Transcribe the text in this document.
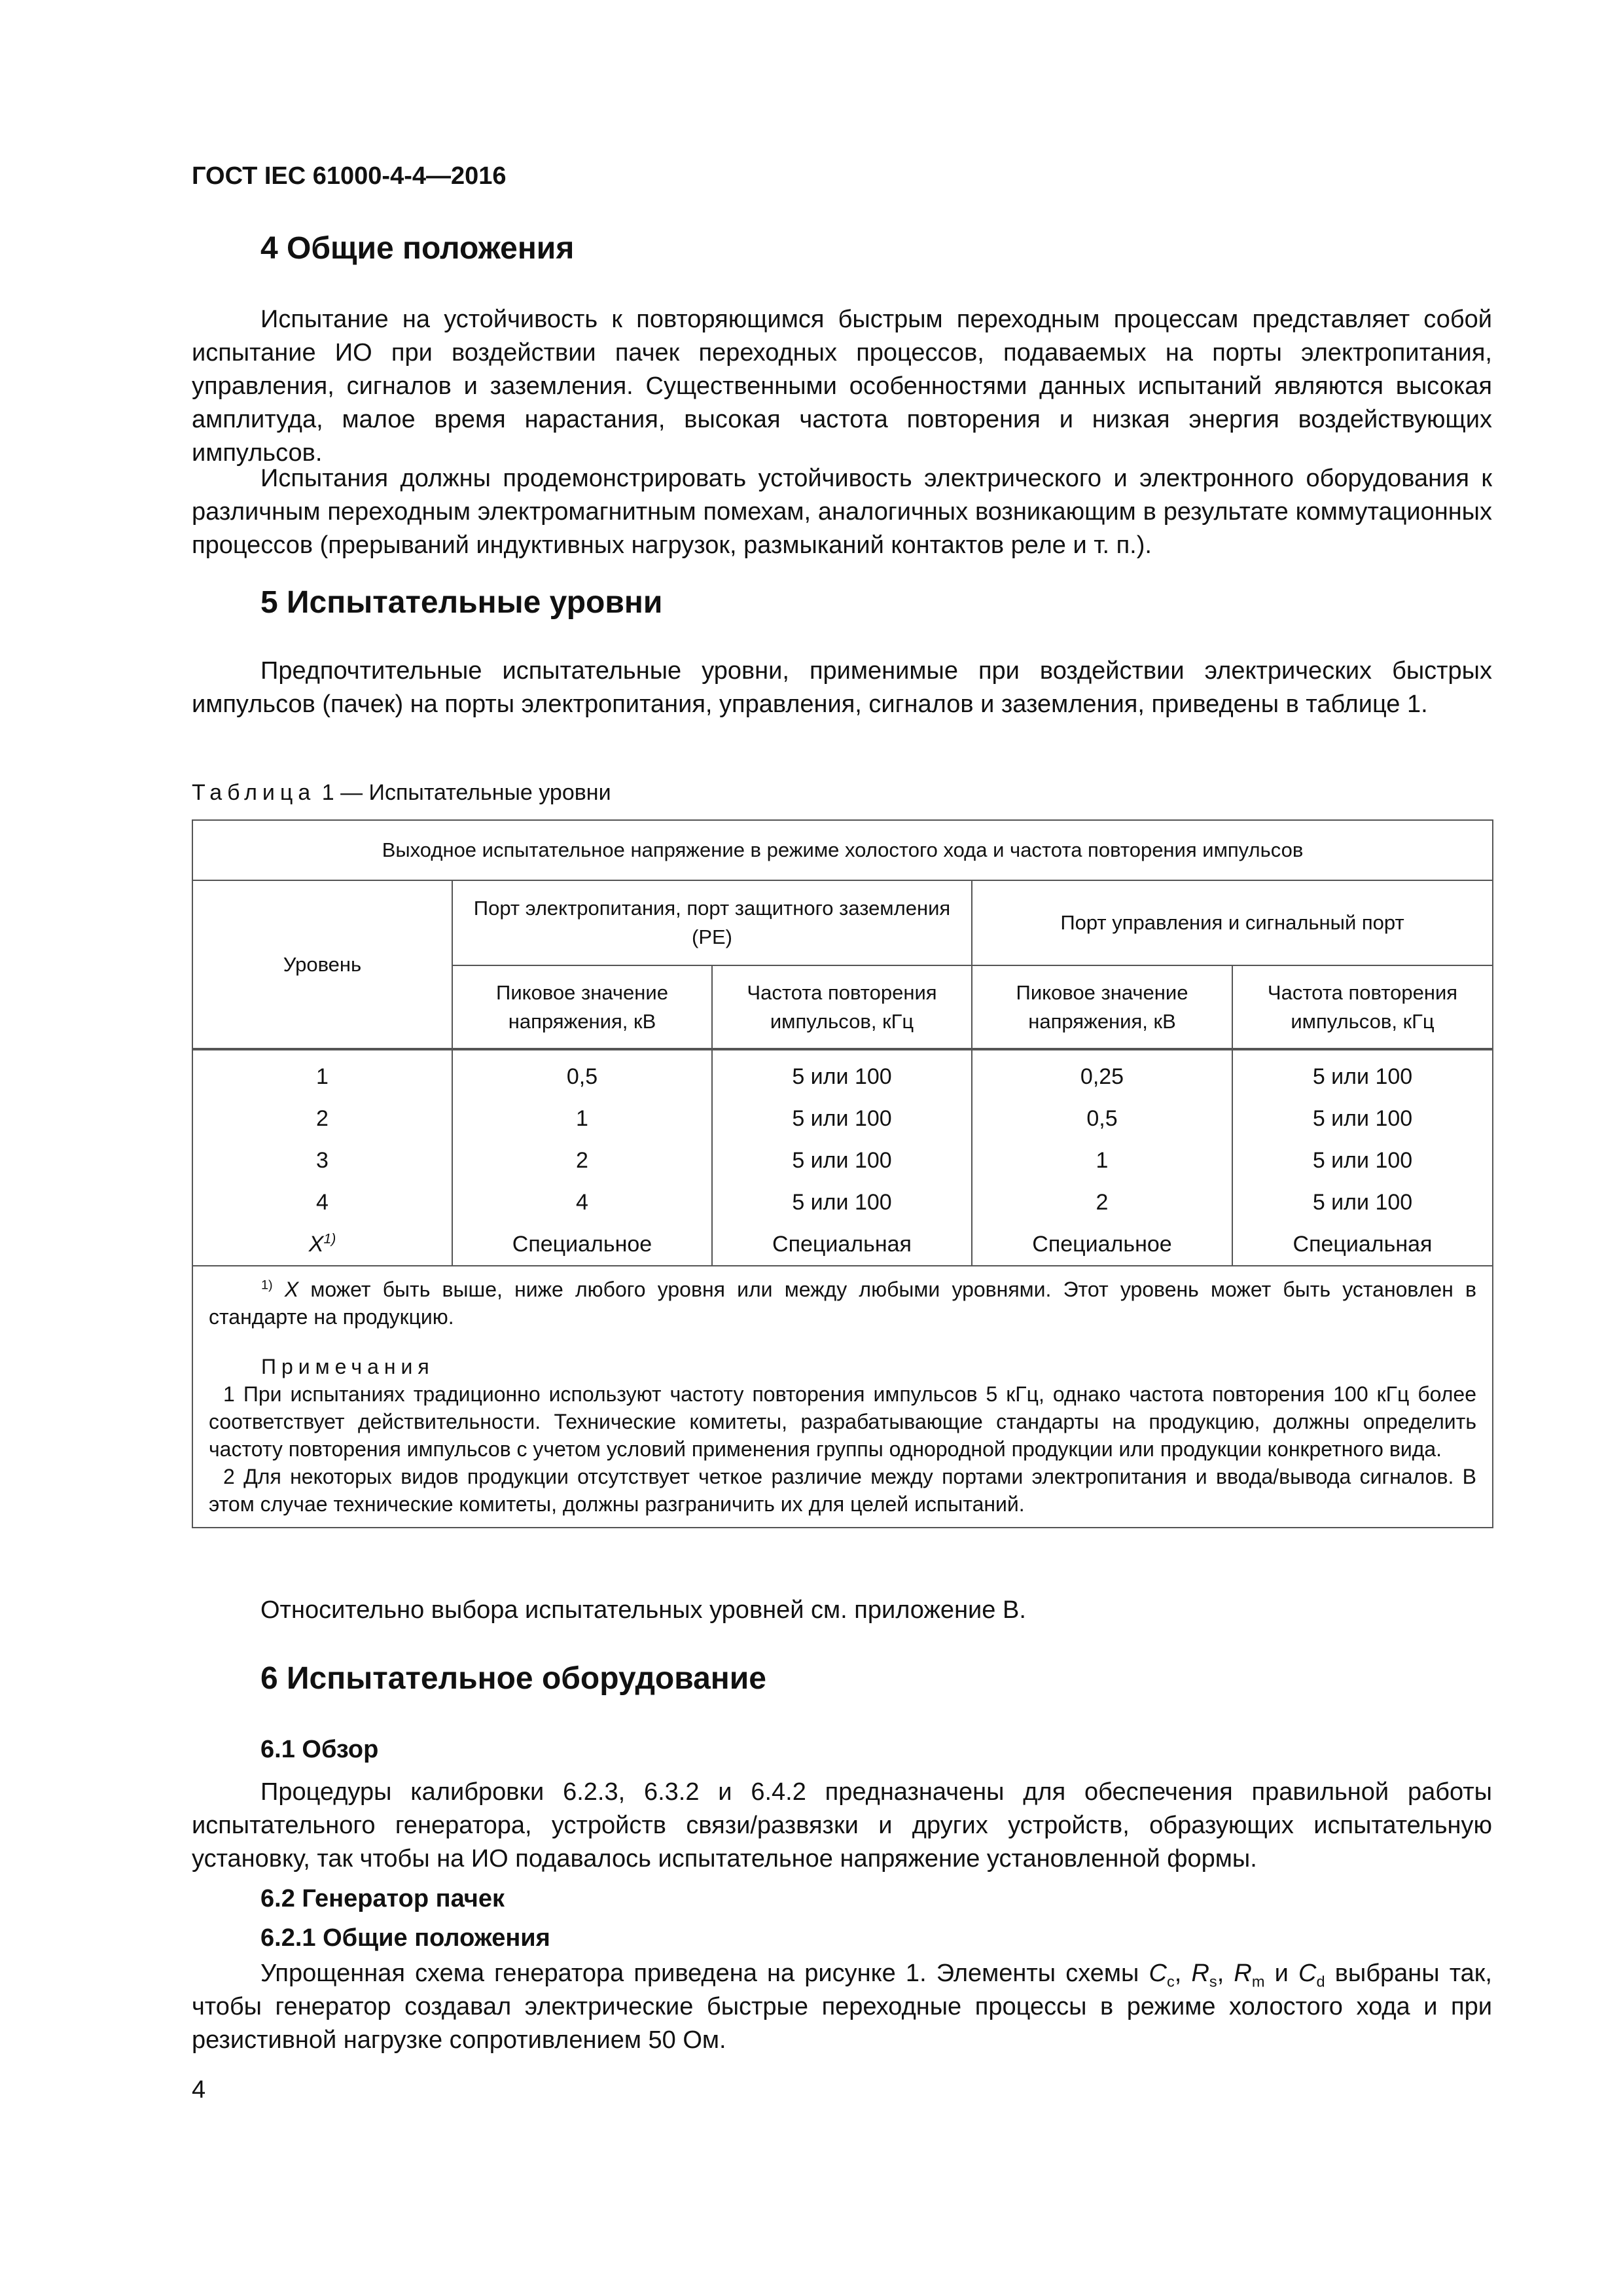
ГОСТ IEC 61000-4-4—2016
4 Общие положения

Испытание на устойчивость к повторяющимся быстрым переходным процессам представляет собой испытание ИО при воздействии пачек переходных процессов, подаваемых на порты электропитания, управления, сигналов и заземления. Существенными особенностями данных испытаний являются высокая амплитуда, малое время нарастания, высокая частота повторения и низкая энергия воздействующих импульсов.

Испытания должны продемонстрировать устойчивость электрического и электронного оборудования к различным переходным электромагнитным помехам, аналогичных возникающим в результате коммутационных процессов (прерываний индуктивных нагрузок, размыканий контактов реле и т. п.).

5 Испытательные уровни

Предпочтительные испытательные уровни, применимые при воздействии электрических быстрых импульсов (пачек) на порты электропитания, управления, сигналов и заземления, приведены в таблице 1.

Таблица 1 — Испытательные уровни
Выходное испытательное напряжение в режиме холостого хода и частота повторения импульсов				
Уровень	Порт электропитания, порт защитного заземления (PE)		Порт управления и сигнальный порт	
	Пиковое значение напряжения, кВ	Частота повторения импульсов, кГц	Пиковое значение напряжения, кВ	Частота повторения импульсов, кГц
1	0,5	5 или 100	0,25	5 или 100
2	1	5 или 100	0,5	5 или 100
3	2	5 или 100	1	5 или 100
4	4	5 или 100	2	5 или 100
$X^{1)}$	Специальное	Специальная	Специальное	Специальная

$^{1)}$ X может быть выше, ниже любого уровня или между любыми уровнями. Этот уровень может быть установлен в стандарте на продукцию.

Примечания

1 При испытаниях традиционно используют частоту повторения импульсов 5 кГц, однако частота повторения 100 кГц более соответствует действительности. Технические комитеты, разрабатывающие стандарты на продукцию, должны определить частоту повторения импульсов с учетом условий применения группы однородной продукции или продукции конкретного вида.

2 Для некоторых видов продукции отсутствует четкое различие между портами электропитания и ввода/вывода сигналов. В этом случае технические комитеты, должны разграничить их для целей испытаний.				

Относительно выбора испытательных уровней см. приложение В.

6 Испытательное оборудование
6.1 Обзор

Процедуры калибровки 6.2.3, 6.3.2 и 6.4.2 предназначены для обеспечения правильной работы испытательного генератора, устройств связи/развязки и других устройств, образующих испытательную установку, так чтобы на ИО подавалось испытательное напряжение установленной формы.

6.2 Генератор пачек
6.2.1 Общие положения

Упрощенная схема генератора приведена на рисунке 1. Элементы схемы $C_c$, $R_s$, $R_m$ и $C_d$ выбраны так, чтобы генератор создавал электрические быстрые переходные процессы в режиме холостого хода и при резистивной нагрузке сопротивлением 50 Ом.

4
